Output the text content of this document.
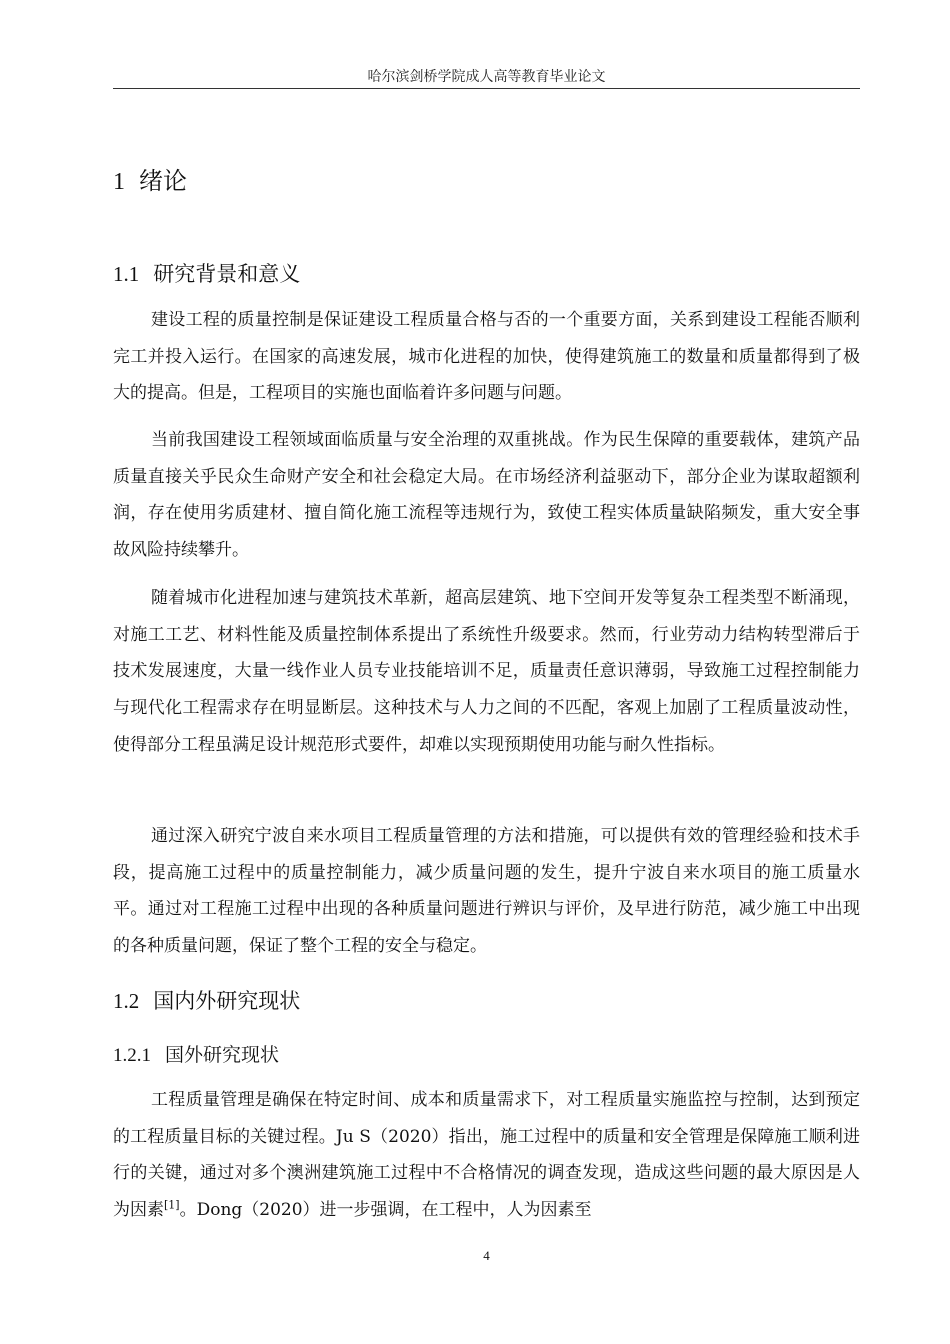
哈尔滨剑桥学院成人高等教育毕业论文
1 绪论
1.1 研究背景和意义

建设工程的质量控制是保证建设工程质量合格与否的一个重要方面，关系到建设工程能否顺利完工并投入运行。在国家的高速发展，城市化进程的加快，使得建筑施工的数量和质量都得到了极大的提高。但是，工程项目的实施也面临着许多问题与问题。

当前我国建设工程领域面临质量与安全治理的双重挑战。作为民生保障的重要载体，建筑产品质量直接关乎民众生命财产安全和社会稳定大局。在市场经济利益驱动下，部分企业为谋取超额利润，存在使用劣质建材、擅自简化施工流程等违规行为，致使工程实体质量缺陷频发，重大安全事故风险持续攀升。

随着城市化进程加速与建筑技术革新，超高层建筑、地下空间开发等复杂工程类型不断涌现，对施工工艺、材料性能及质量控制体系提出了系统性升级要求。然而，行业劳动力结构转型滞后于技术发展速度，大量一线作业人员专业技能培训不足，质量责任意识薄弱，导致施工过程控制能力与现代化工程需求存在明显断层。这种技术与人力之间的不匹配，客观上加剧了工程质量波动性，使得部分工程虽满足设计规范形式要件，却难以实现预期使用功能与耐久性指标。

通过深入研究宁波自来水项目工程质量管理的方法和措施，可以提供有效的管理经验和技术手段，提高施工过程中的质量控制能力，减少质量问题的发生，提升宁波自来水项目的施工质量水平。通过对工程施工过程中出现的各种质量问题进行辨识与评价，及早进行防范，减少施工中出现的各种质量问题，保证了整个工程的安全与稳定。

1.2 国内外研究现状
1.2.1 国外研究现状

工程质量管理是确保在特定时间、成本和质量需求下，对工程质量实施监控与控制，达到预定的工程质量目标的关键过程。Ju S（2020）指出，施工过程中的质量和安全管理是保障施工顺利进行的关键，通过对多个澳洲建筑施工过程中不合格情况的调查发现，造成这些问题的最大原因是人为因素[1]。Dong（2020）进一步强调，在工程中，人为因素至

4
